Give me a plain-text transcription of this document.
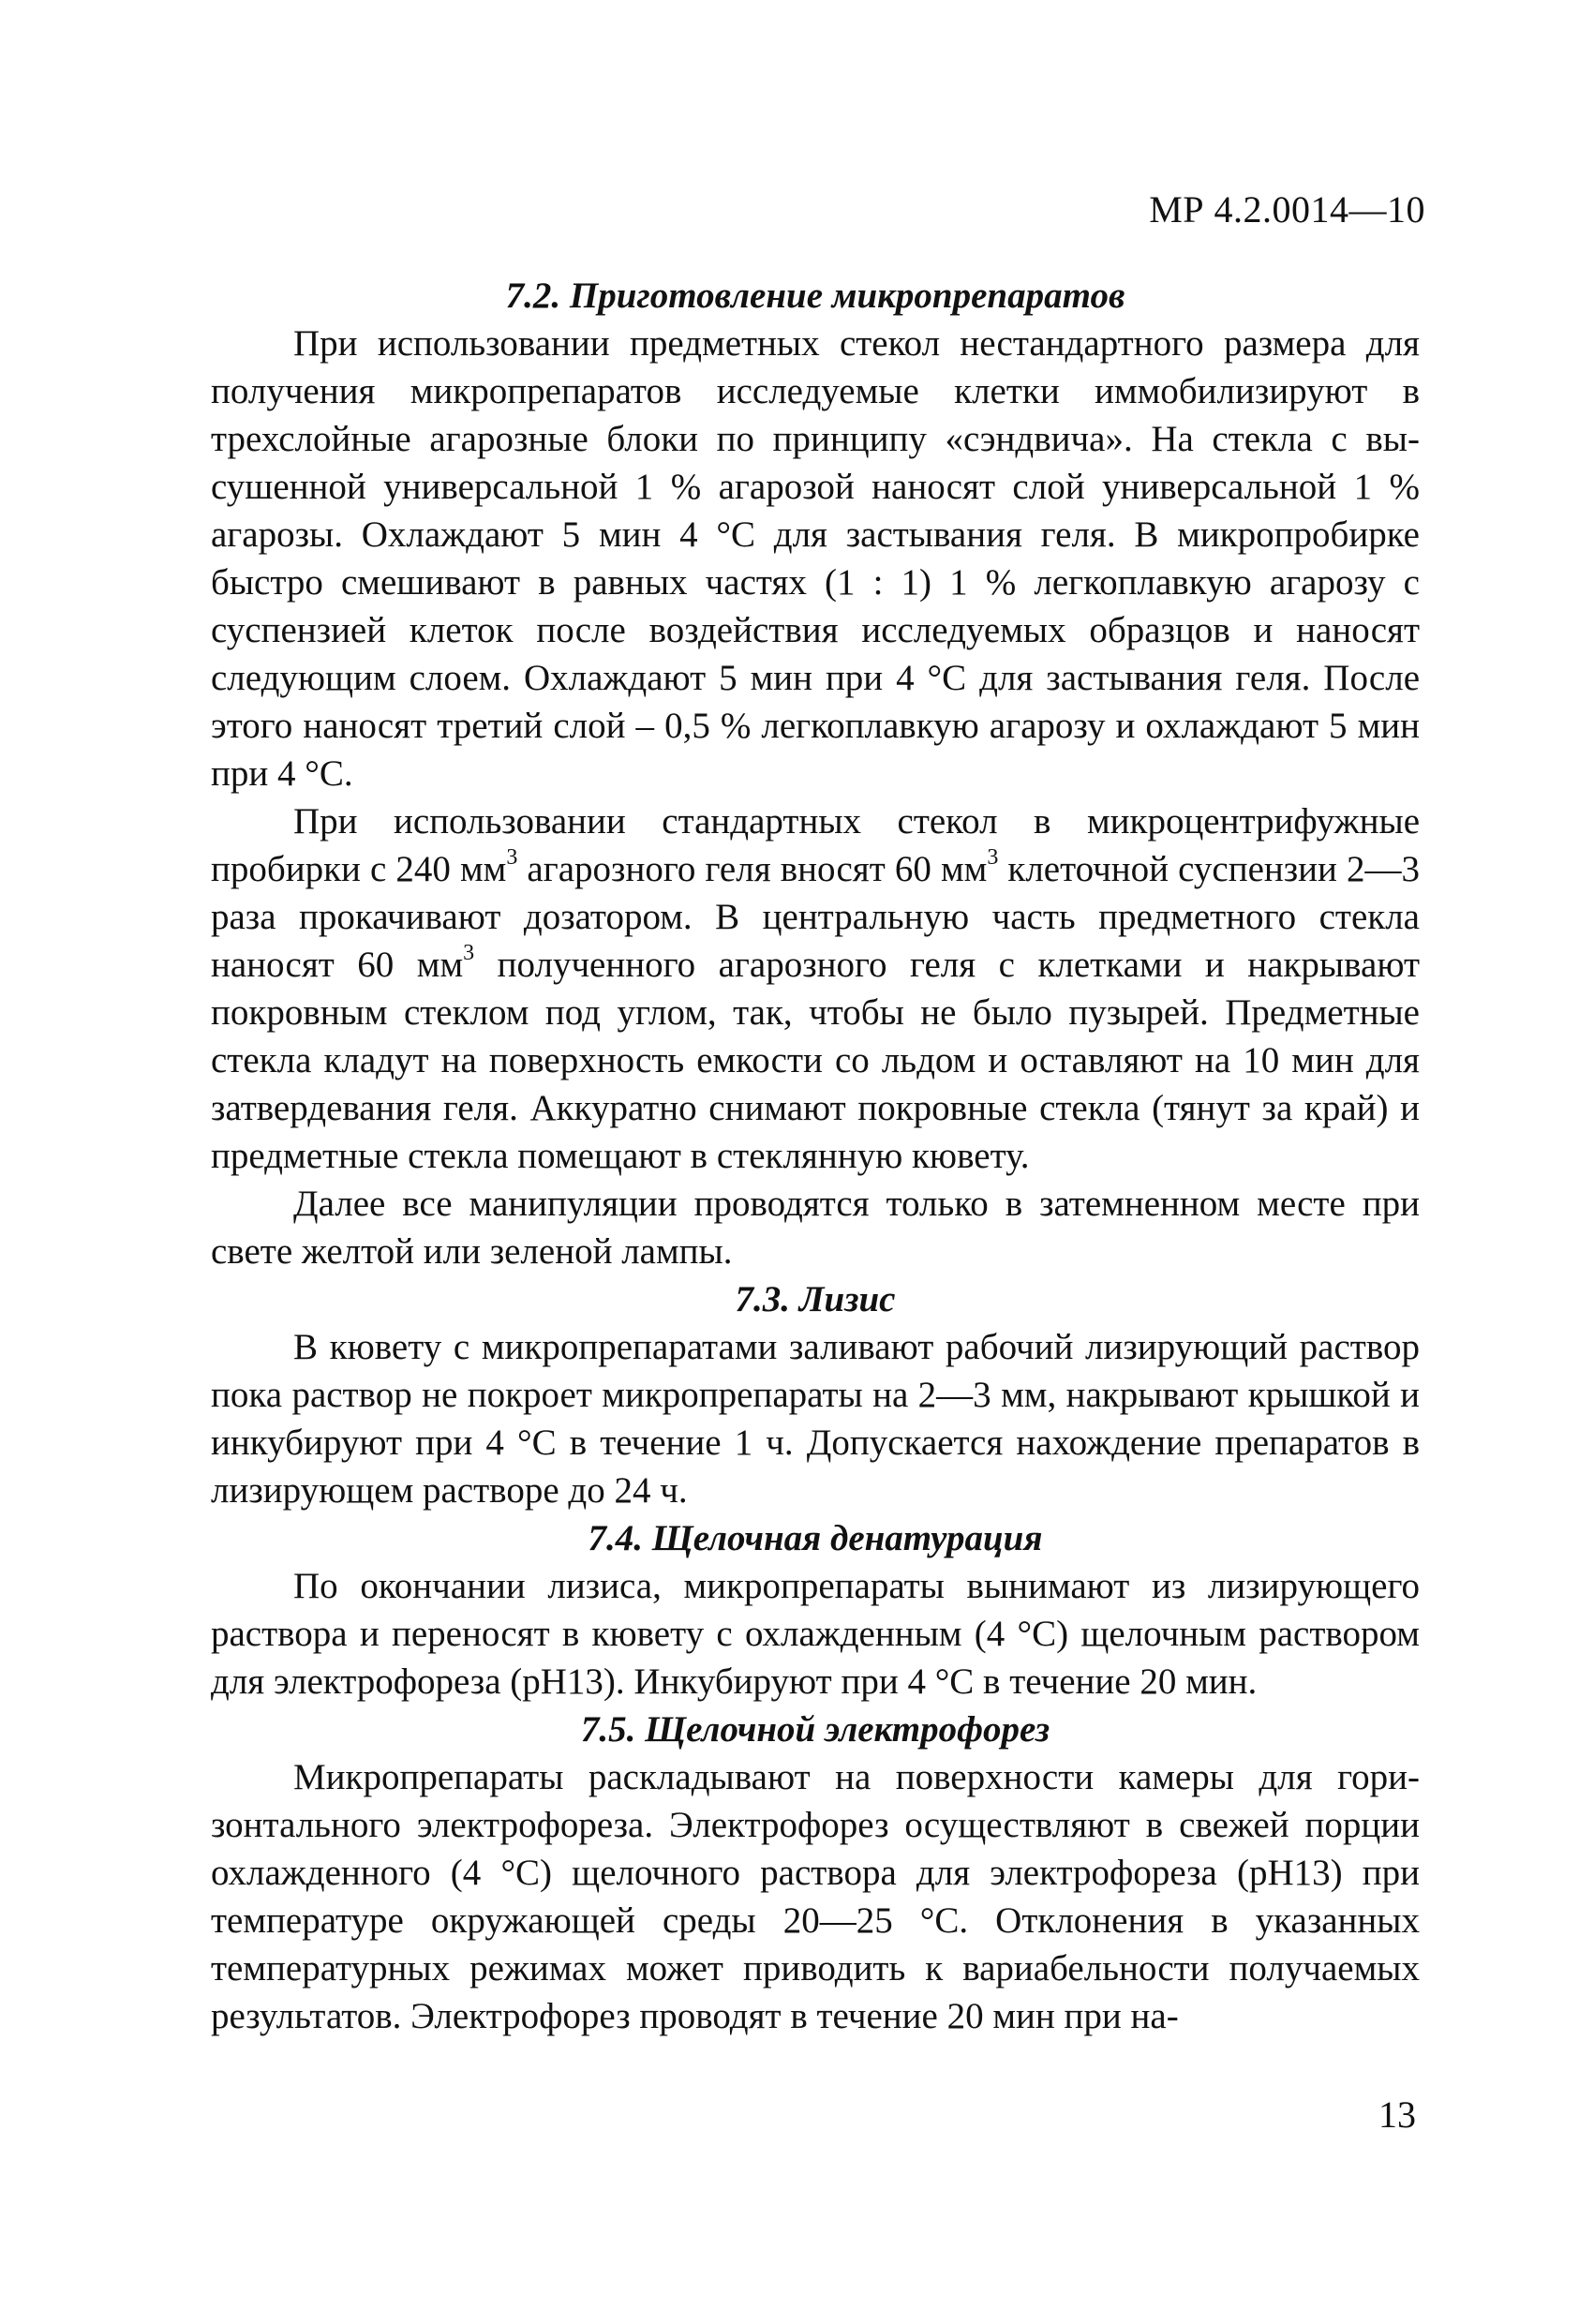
МР 4.2.0014—10

7.2. Приготовление микропрепаратов

При использовании предметных стекол нестандартного размера для получения микропрепаратов исследуемые клетки иммобилизируют в трехслойные агарозные блоки по принципу «сэндвича». На стекла с высушенной универсальной 1 % агарозой наносят слой универсальной 1 % агарозы. Охлаждают 5 мин 4 °С для застывания геля. В микропробирке быстро смешивают в равных частях (1 : 1) 1 % легкоплавкую агарозу с суспензией клеток после воздействия исследуемых образцов и наносят следующим слоем. Охлаждают 5 мин при 4 °С для застывания геля. После этого наносят третий слой – 0,5 % легкоплавкую агарозу и охлаждают 5 мин при 4 °С.

При использовании стандартных стекол в микроцентрифужные пробирки с 240 $мм^3$ агарозного геля вносят 60 $мм^3$ клеточной суспензии 2—3 раза прокачивают дозатором. В центральную часть предметного стекла наносят 60 $мм^3$ полученного агарозного геля с клетками и накрывают покровным стеклом под углом, так, чтобы не было пузырей. Предметные стекла кладут на поверхность емкости со льдом и оставляют на 10 мин для затвердевания геля. Аккуратно снимают покровные стекла (тянут за край) и предметные стекла помещают в стеклянную кювету.

Далее все манипуляции проводятся только в затемненном месте при свете желтой или зеленой лампы.

7.3. Лизис

В кювету с микропрепаратами заливают рабочий лизирующий раствор пока раствор не покроет микропрепараты на 2—3 мм, накрывают крышкой и инкубируют при 4 °С в течение 1 ч. Допускается нахождение препаратов в лизирующем растворе до 24 ч.

7.4. Щелочная денатурация

По окончании лизиса, микропрепараты вынимают из лизирующего раствора и переносят в кювету с охлажденным (4 °С) щелочным раствором для электрофореза (рН13). Инкубируют при 4 °С в течение 20 мин.

7.5. Щелочной электрофорез

Микропрепараты раскладывают на поверхности камеры для горизонтального электрофореза. Электрофорез осуществляют в свежей порции охлажденного (4 °С) щелочного раствора для электрофореза (рН13) при температуре окружающей среды 20—25 °С. Отклонения в указанных температурных режимах может приводить к вариабельности получаемых результатов. Электрофорез проводят в течение 20 мин при на-

13
